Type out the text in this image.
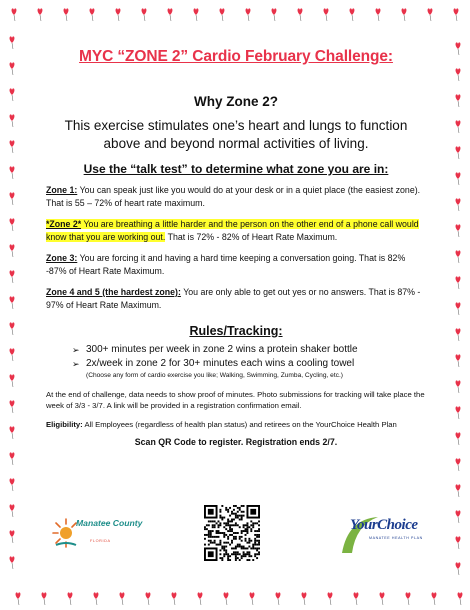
MYC “ZONE 2” Cardio February Challenge:
Why Zone 2?
This exercise stimulates one’s heart and lungs to function above and beyond normal activities of living.
Use the “talk test” to determine what zone you are in:
Zone 1: You can speak just like you would do at your desk or in a quiet place (the easiest zone). That is 55 – 72% of heart rate maximum.
*Zone 2* You are breathing a little harder and the person on the other end of a phone call would know that you are working out. That is 72% - 82% of Heart Rate Maximum.
Zone 3: You are forcing it and having a hard time keeping a conversation going. That is 82% -87% of Heart Rate Maximum.
Zone 4 and 5 (the hardest zone): You are only able to get out yes or no answers. That is 87% - 97% of Heart Rate Maximum.
Rules/Tracking:
➢ 300+ minutes per week in zone 2 wins a protein shaker bottle
➢ 2x/week in zone 2 for 30+ minutes each wins a cooling towel
(Choose any form of cardio exercise you like; Walking, Swimming, Zumba, Cycling, etc.)
At the end of challenge, data needs to show proof of minutes. Photo submissions for tracking will take place the week of 3/3 - 3/7. A link will be provided in a registration confirmation email.
Eligibility: All Employees (regardless of health plan status) and retirees on the YourChoice Health Plan
Scan QR Code to register. Registration ends 2/7.
Manatee County
FLORIDA
YourChoice
MANATEE HEALTH PLAN
